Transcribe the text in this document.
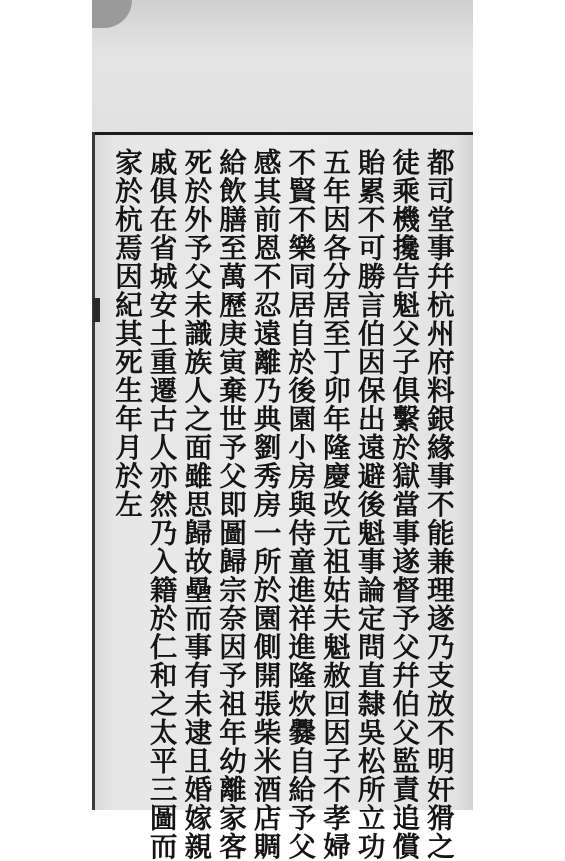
都司堂事幷杭州府料銀緣事不能兼理遂乃支放不明奸猾之
徒乘機攙告魁父子俱繫於獄當事遂督予父幷伯父監責追償
貽累不可勝言伯因保出遠避後魁事論定問直隸吳松所立功
五年因各分居至丁卯年隆慶改元祖姑夫魁赦回因子不孝婦
不賢不樂同居自於後園小房與侍童進祥進隆炊爨自給予父
感其前恩不忍遠離乃典劉秀房一所於園側開張柴米酒店賙
給飲膳至萬歷庚寅棄世予父即圖歸宗奈因予祖年幼離家客
死於外予父未識族人之面雖思歸故壘而事有未逮且婚嫁親
戚俱在省城安土重遷古人亦然乃入籍於仁和之太平三圖而
家於杭焉因紀其死生年月於左
